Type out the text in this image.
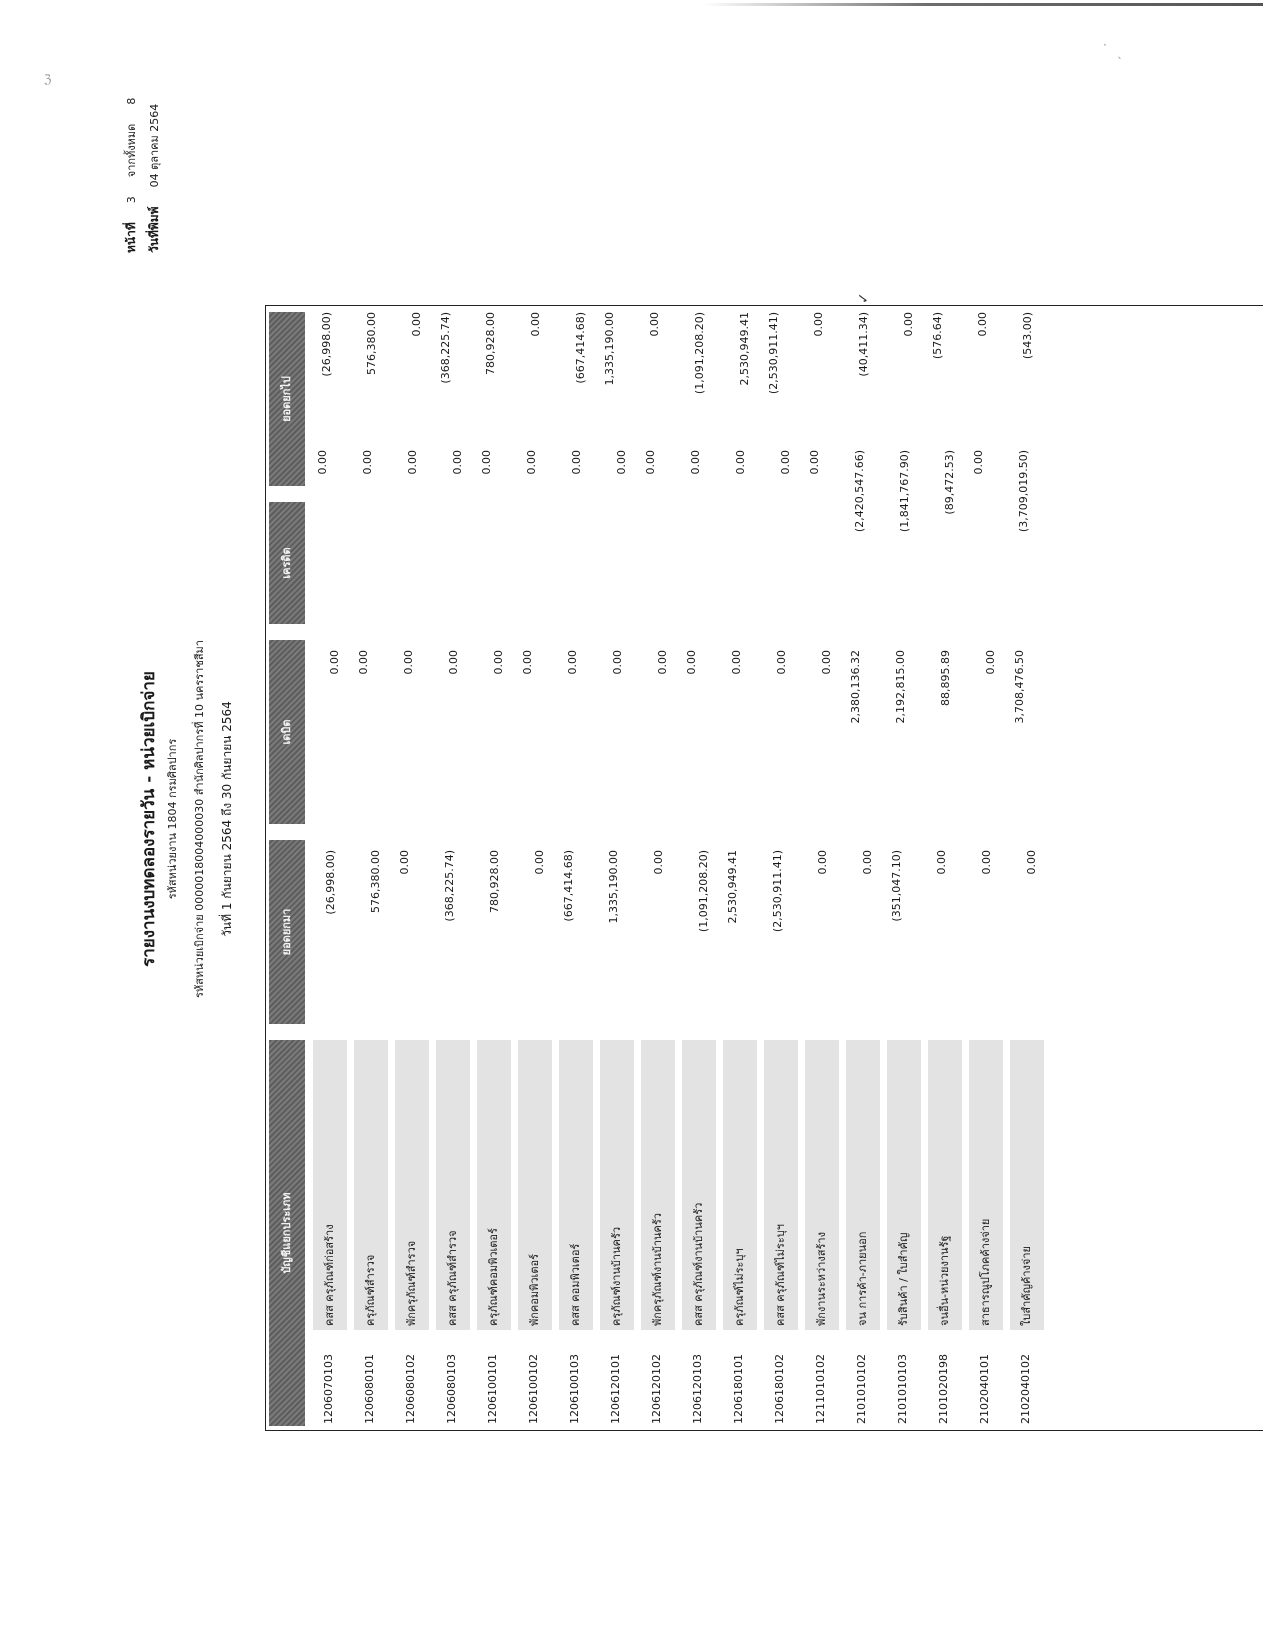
ℨ
· ˎ
รายงานงบทดลองรายวัน - หน่วยเบิกจ่าย รหัสหน่วยงาน 1804 กรมศิลปากร รหัสหน่วยเบิกจ่าย 0000018004000030 สำนักศิลปากรที่ 10 นครราชสีมา วันที่ 1 กันยายน 2564 ถึง 30 กันยายน 2564
หน้าที่  3  จากทั้งหมด  8
วันที่พิมพ์  04 ตุลาคม 2564
บัญชีแยกประเภท
ยอดยกมา
เดบิต
เครดิต
ยอดยกไป
1206070103
คสส ครุภัณฑ์ก่อสร้าง
(26,998.00)
0.00
0.00
(26,998.00)
1206080101
ครุภัณฑ์สำรวจ
576,380.00
0.00
0.00
576,380.00
1206080102
พักครุภัณฑ์สำรวจ
0.00
0.00
0.00
0.00
1206080103
คสส ครุภัณฑ์สำรวจ
(368,225.74)
0.00
0.00
(368,225.74)
1206100101
ครุภัณฑ์คอมพิวเตอร์
780,928.00
0.00
0.00
780,928.00
1206100102
พักคอมพิวเตอร์
0.00
0.00
0.00
0.00
1206100103
คสส คอมพิวเตอร์
(667,414.68)
0.00
0.00
(667,414.68)
1206120101
ครุภัณฑ์งานบ้านครัว
1,335,190.00
0.00
0.00
1,335,190.00
1206120102
พักครุภัณฑ์งานบ้านครัว
0.00
0.00
0.00
0.00
1206120103
คสส ครุภัณฑ์งานบ้านครัว
(1,091,208.20)
0.00
0.00
(1,091,208.20)
1206180101
ครุภัณฑ์ไม่ระบุฯ
2,530,949.41
0.00
0.00
2,530,949.41
1206180102
คสส ครุภัณฑ์ไม่ระบุฯ
(2,530,911.41)
0.00
0.00
(2,530,911.41)
1211010102
พักงานระหว่างสร้าง
0.00
0.00
0.00
0.00
2101010102
จน การค้า-ภายนอก
0.00
2,380,136.32
(2,420,547.66)
(40,411.34)
2101010103
รับสินค้า / ใบสำคัญ
(351,047.10)
2,192,815.00
(1,841,767.90)
0.00
2101020198
จนอื่น-หน่วยงานรัฐ
0.00
88,895.89
(89,472.53)
(576.64)
2102040101
สาธารณูปโภคค้างจ่าย
0.00
0.00
0.00
0.00
2102040102
ใบสำคัญค้างจ่าย
0.00
3,708,476.50
(3,709,019.50)
(543.00)
✓
